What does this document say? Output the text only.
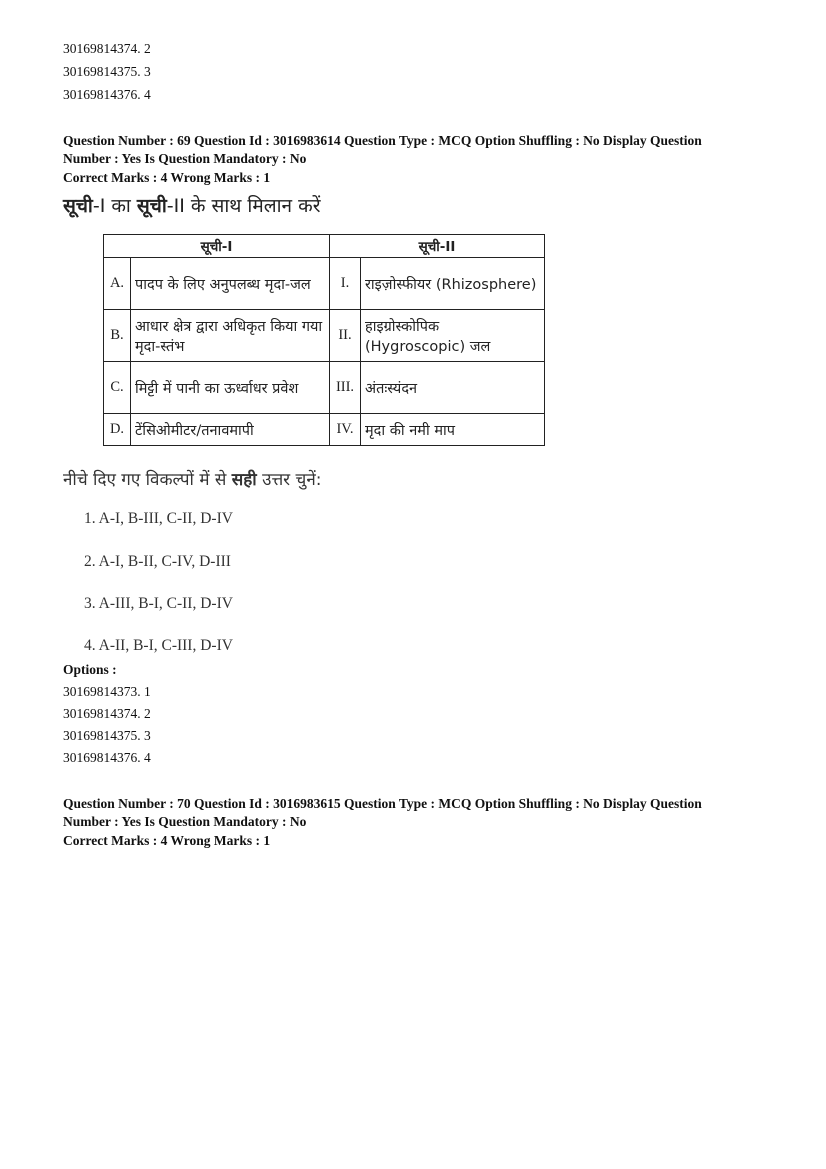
30169814374. 2
30169814375. 3
30169814376. 4
Question Number : 69 Question Id : 3016983614 Question Type : MCQ Option Shuffling : No Display Question
Number : Yes Is Question Mandatory : No
Correct Marks : 4 Wrong Marks : 1
सूची-I का सूची-II के साथ मिलान करें
सूची-I		सूची-II	
A.	पादप के लिए अनुपलब्ध मृदा-जल	I.	राइज़ोस्फीयर (Rhizosphere)
B.	आधार क्षेत्र द्वारा अधिकृत किया गया मृदा-स्तंभ	II.	हाइग्रोस्कोपिक (Hygroscopic) जल
C.	मिट्टी में पानी का ऊर्ध्वाधर प्रवेश	III.	अंतःस्यंदन
D.	टेंसिओमीटर/तनावमापी	IV.	मृदा की नमी माप
नीचे दिए गए विकल्पों में से सही उत्तर चुनें:
1. A-I, B-III, C-II, D-IV
2. A-I, B-II, C-IV, D-III
3. A-III, B-I, C-II, D-IV
4. A-II, B-I, C-III, D-IV
Options :
30169814373. 1
30169814374. 2
30169814375. 3
30169814376. 4
Question Number : 70 Question Id : 3016983615 Question Type : MCQ Option Shuffling : No Display Question
Number : Yes Is Question Mandatory : No
Correct Marks : 4 Wrong Marks : 1
